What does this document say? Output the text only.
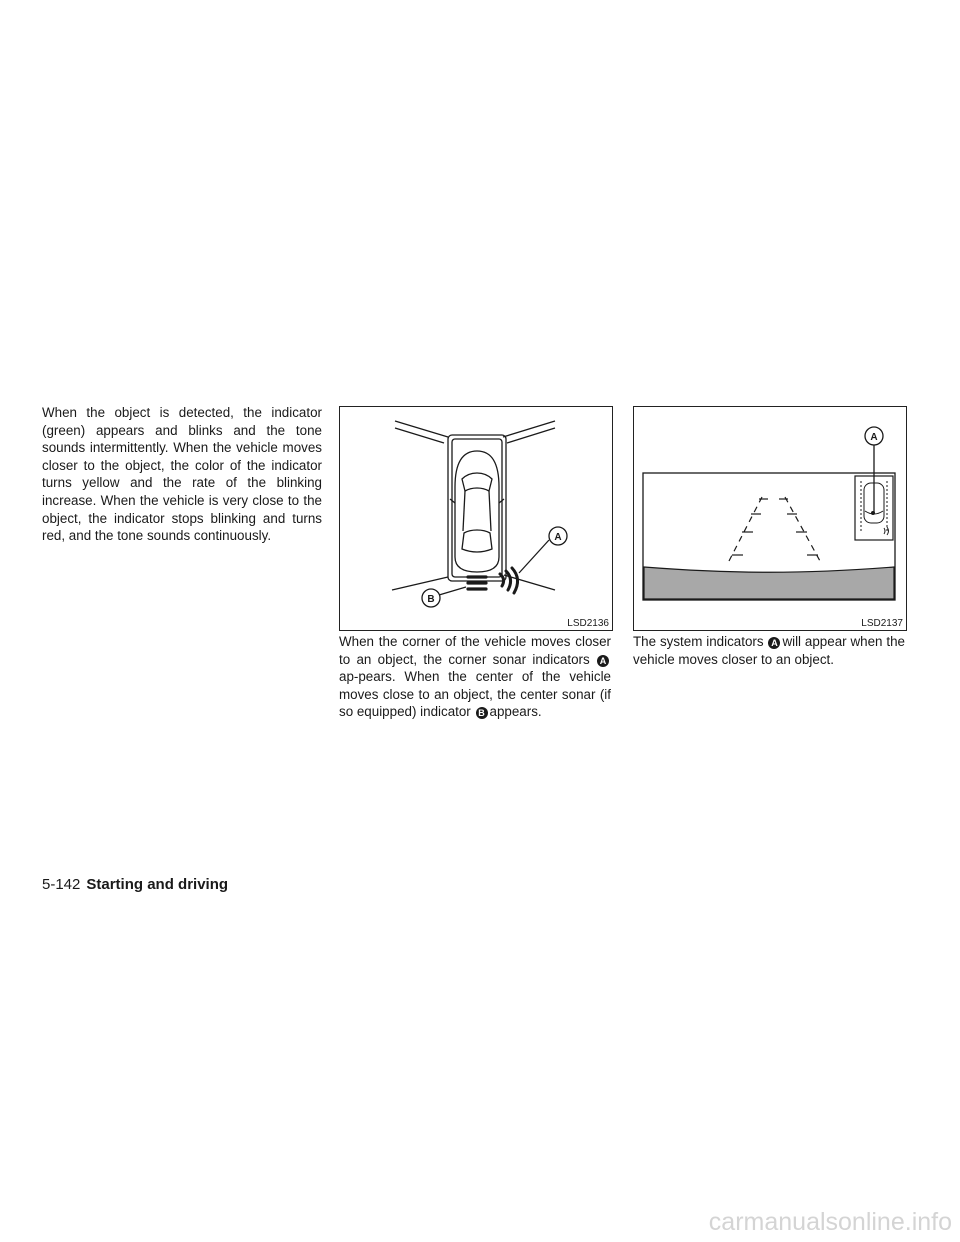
When the object is detected, the indicator (green) appears and blinks and the tone sounds intermittently. When the vehicle moves closer to the object, the color of the indicator turns yellow and the rate of the blinking increase. When the vehicle is very close to the object, the indicator stops blinking and turns red, and the tone sounds continuously.	A
B
LSD2136
A
LSD2137
When the corner of the vehicle moves closer to an object, the corner sonar indicators Aap-pears. When the center of the vehicle moves close to an object, the center sonar (if so equipped) indicator B appears.
The system indicators A will appear when the vehicle moves closer to an object.
5-142 Starting and driving
carmanualsonline.info
